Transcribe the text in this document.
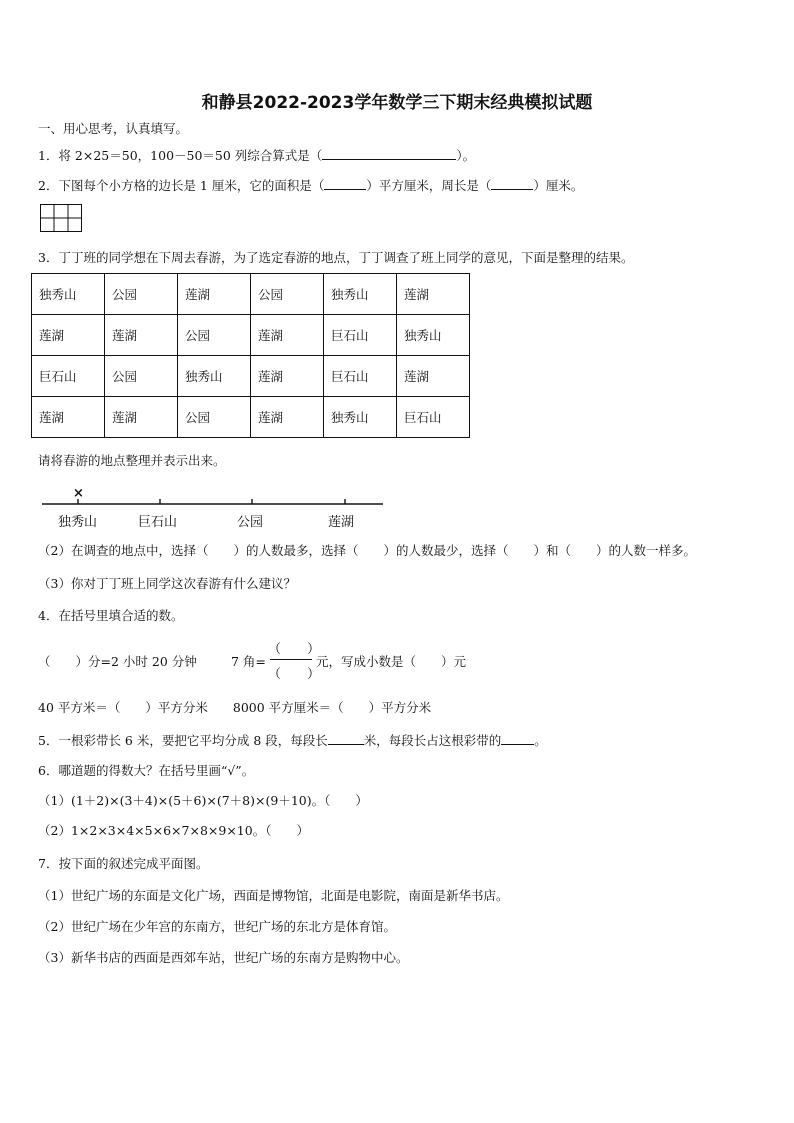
和静县2022-2023学年数学三下期末经典模拟试题
一、用心思考，认真填写。
1．将 2×25＝50，100－50＝50 列综合算式是（	）。
2．下图每个小方格的边长是 1 厘米，它的面积是（	）平方厘米，周长是（	）厘米。
3．丁丁班的同学想在下周去春游，为了选定春游的地点，丁丁调查了班上同学的意见，下面是整理的结果。
独秀山	公园	莲湖	公园	独秀山	莲湖
莲湖	莲湖	公园	莲湖	巨石山	独秀山
巨石山	公园	独秀山	莲湖	巨石山	莲湖
莲湖	莲湖	公园	莲湖	独秀山	巨石山
请将春游的地点整理并表示出来。
×
独秀山	巨石山	公园	莲湖
（2）在调查的地点中，选择（　　）的人数最多，选择（　　）的人数最少，选择（　　）和（　　）的人数一样多。
（3）你对丁丁班上同学这次春游有什么建议？
4．在括号里填合适的数。
（　　）分=2 小时 20 分钟	7 角=
（　　）
（　　）
元，写成小数是（　　）元
40 平方米＝（　　）平方分米　　8000 平方厘米＝（　　）平方分米
5．一根彩带长 6 米，要把它平均分成 8 段，每段长	米，每段长占这根彩带的	。
6．哪道题的得数大？在括号里画“√”。
（1）(1＋2)×(3＋4)×(5＋6)×(7＋8)×(9＋10)。（　　）
（2）1×2×3×4×5×6×7×8×9×10。（　　）
7．按下面的叙述完成平面图。
（1）世纪广场的东面是文化广场，西面是博物馆，北面是电影院，南面是新华书店。
（2）世纪广场在少年宫的东南方，世纪广场的东北方是体育馆。
（3）新华书店的西面是西郊车站，世纪广场的东南方是购物中心。
